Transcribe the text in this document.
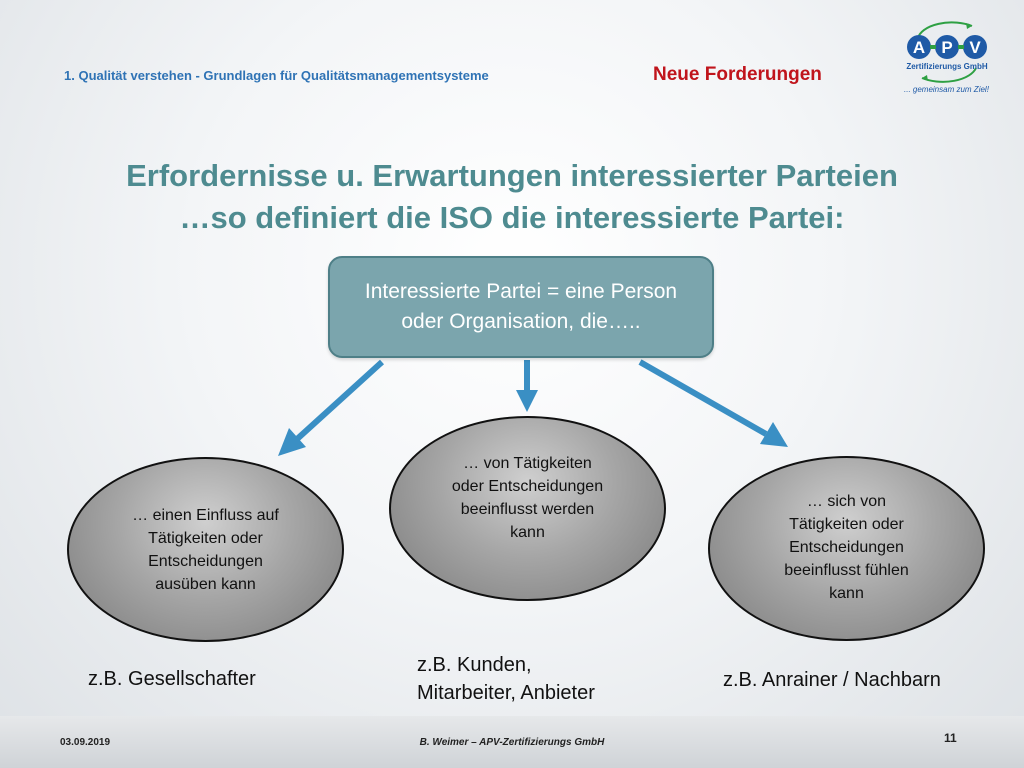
1. Qualität verstehen - Grundlagen für Qualitätsmanagementsysteme	Neue Forderungen
A P V
Zertifizierungs GmbH
... gemeinsam zum Ziel!
Erfordernisse u. Erwartungen interessierter Parteien
…so definiert die ISO die interessierte Partei:
Interessierte Partei = eine Person
oder Organisation, die…..
… einen Einfluss auf
Tätigkeiten oder
Entscheidungen
ausüben kann
… von Tätigkeiten
oder Entscheidungen
beeinflusst werden
kann
… sich von
Tätigkeiten oder
Entscheidungen
beeinflusst fühlen
kann
z.B. Gesellschafter
z.B. Kunden,
Mitarbeiter, Anbieter
z.B. Anrainer / Nachbarn
03.09.2019	B. Weimer – APV-Zertifizierungs GmbH	11
